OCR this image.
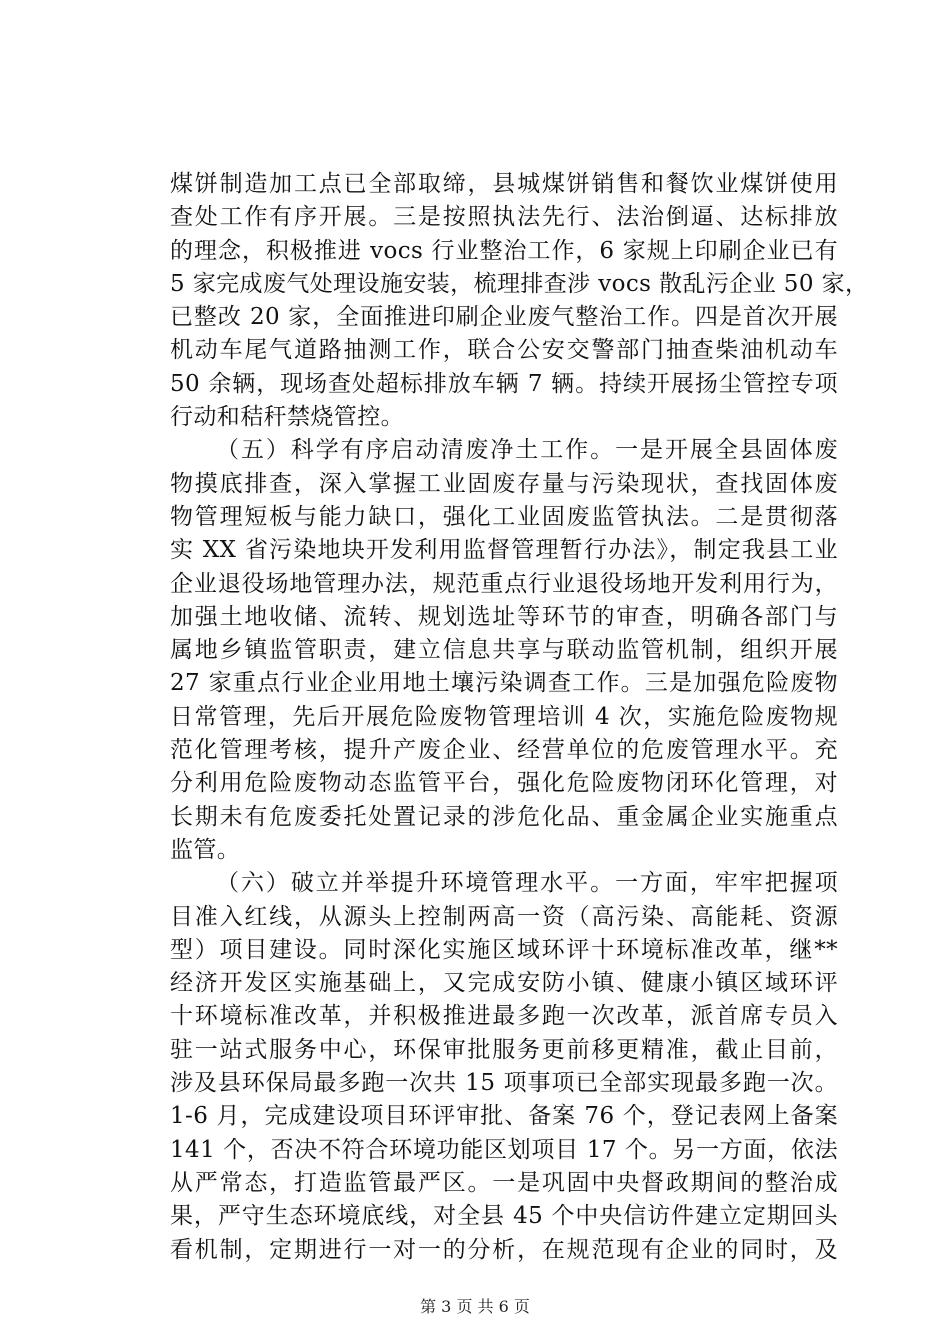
煤饼制造加工点已全部取缔，县城煤饼销售和餐饮业煤饼使用
查处工作有序开展。三是按照执法先行、法治倒逼、达标排放
的理念，积极推进 vocs 行业整治工作，6 家规上印刷企业已有
5 家完成废气处理设施安装，梳理排查涉 vocs 散乱污企业 50 家，
已整改 20 家，全面推进印刷企业废气整治工作。四是首次开展
机动车尾气道路抽测工作，联合公安交警部门抽查柴油机动车
50 余辆，现场查处超标排放车辆 7 辆。持续开展扬尘管控专项
行动和秸秆禁烧管控。
（五）科学有序启动清废净土工作。一是开展全县固体废
物摸底排查，深入掌握工业固废存量与污染现状，查找固体废
物管理短板与能力缺口，强化工业固废监管执法。二是贯彻落
实 XX 省污染地块开发利用监督管理暂行办法》，制定我县工业
企业退役场地管理办法，规范重点行业退役场地开发利用行为，
加强土地收储、流转、规划选址等环节的审查，明确各部门与
属地乡镇监管职责，建立信息共享与联动监管机制，组织开展
27 家重点行业企业用地土壤污染调查工作。三是加强危险废物
日常管理，先后开展危险废物管理培训 4 次，实施危险废物规
范化管理考核，提升产废企业、经营单位的危废管理水平。充
分利用危险废物动态监管平台，强化危险废物闭环化管理，对
长期未有危废委托处置记录的涉危化品、重金属企业实施重点
监管。
（六）破立并举提升环境管理水平。一方面，牢牢把握项
目准入红线，从源头上控制两高一资（高污染、高能耗、资源
型）项目建设。同时深化实施区域环评十环境标准改革，继**
经济开发区实施基础上，又完成安防小镇、健康小镇区域环评
十环境标准改革，并积极推进最多跑一次改革，派首席专员入
驻一站式服务中心，环保审批服务更前移更精准，截止目前，
涉及县环保局最多跑一次共 15 项事项已全部实现最多跑一次。
1-6 月，完成建设项目环评审批、备案 76 个，登记表网上备案
141 个，否决不符合环境功能区划项目 17 个。另一方面，依法
从严常态，打造监管最严区。一是巩固中央督政期间的整治成
果，严守生态环境底线，对全县 45 个中央信访件建立定期回头
看机制，定期进行一对一的分析，在规范现有企业的同时，及
第 3 页 共 6 页
